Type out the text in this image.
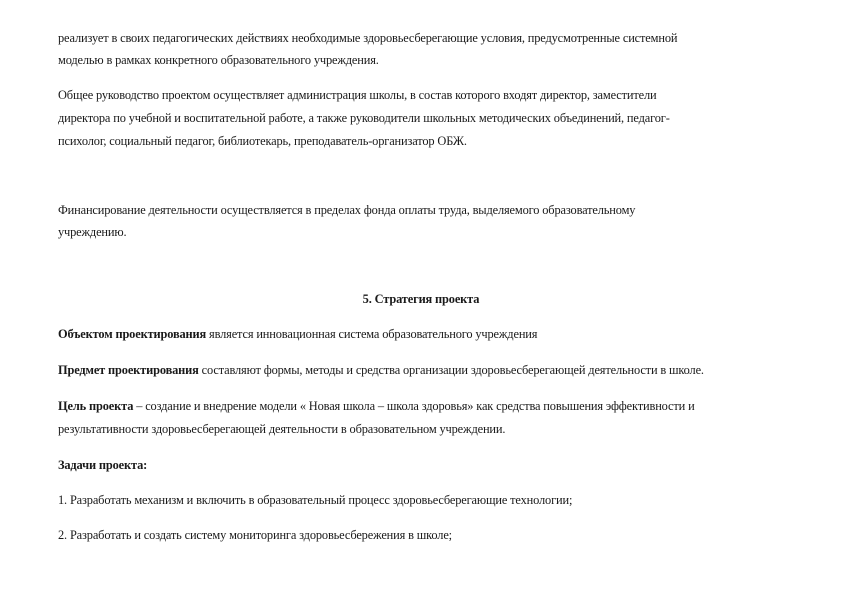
реализует в своих педагогических действиях необходимые здоровьесберегающие условия, предусмотренные системной
моделью в рамках конкретного образовательного учреждения.
Общее руководство проектом осуществляет администрация школы, в состав которого входят директор, заместители
директора по учебной и воспитательной работе, а также руководители школьных методических объединений, педагог-
психолог, социальный педагог, библиотекарь, преподаватель-организатор ОБЖ.
Финансирование деятельности осуществляется в пределах фонда оплаты труда, выделяемого образовательному
учреждению.
5. Стратегия проекта
Объектом проектирования является инновационная система образовательного учреждения
Предмет проектирования составляют формы, методы и средства организации здоровьесберегающей деятельности в школе.
Цель проекта – создание и внедрение модели « Новая школа – школа здоровья» как средства повышения эффективности и
результативности здоровьесберегающей деятельности в образовательном учреждении.
Задачи проекта:
1. Разработать механизм и включить в образовательный процесс здоровьесберегающие технологии;
2. Разработать и создать систему мониторинга здоровьесбережения в школе;
